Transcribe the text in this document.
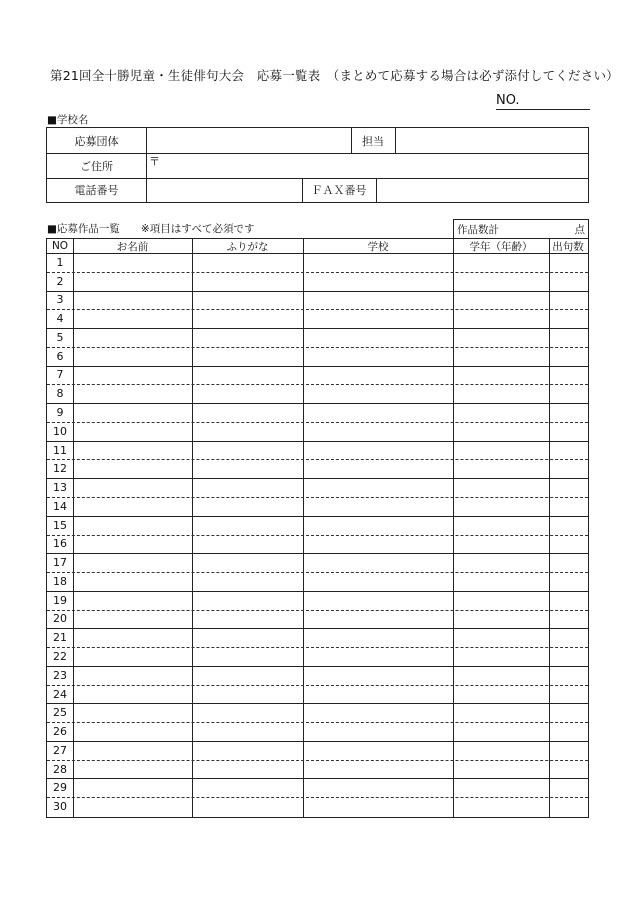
第21回全十勝児童・生徒俳句大会　応募一覧表　（まとめて応募する場合は必ず添付してください）
NO.
■学校名
応募団体	担当
ご住所	〒
電話番号	ＦＡＸ番号
■応募作品一覧　　※項目はすべて必須です	作品数計	点
NO	お名前	ふりがな	学校	学年（年齢）	出句数
1
2
3
4
5
6
7
8
9
10
11
12
13
14
15
16
17
18
19
20
21
22
23
24
25
26
27
28
29
30
